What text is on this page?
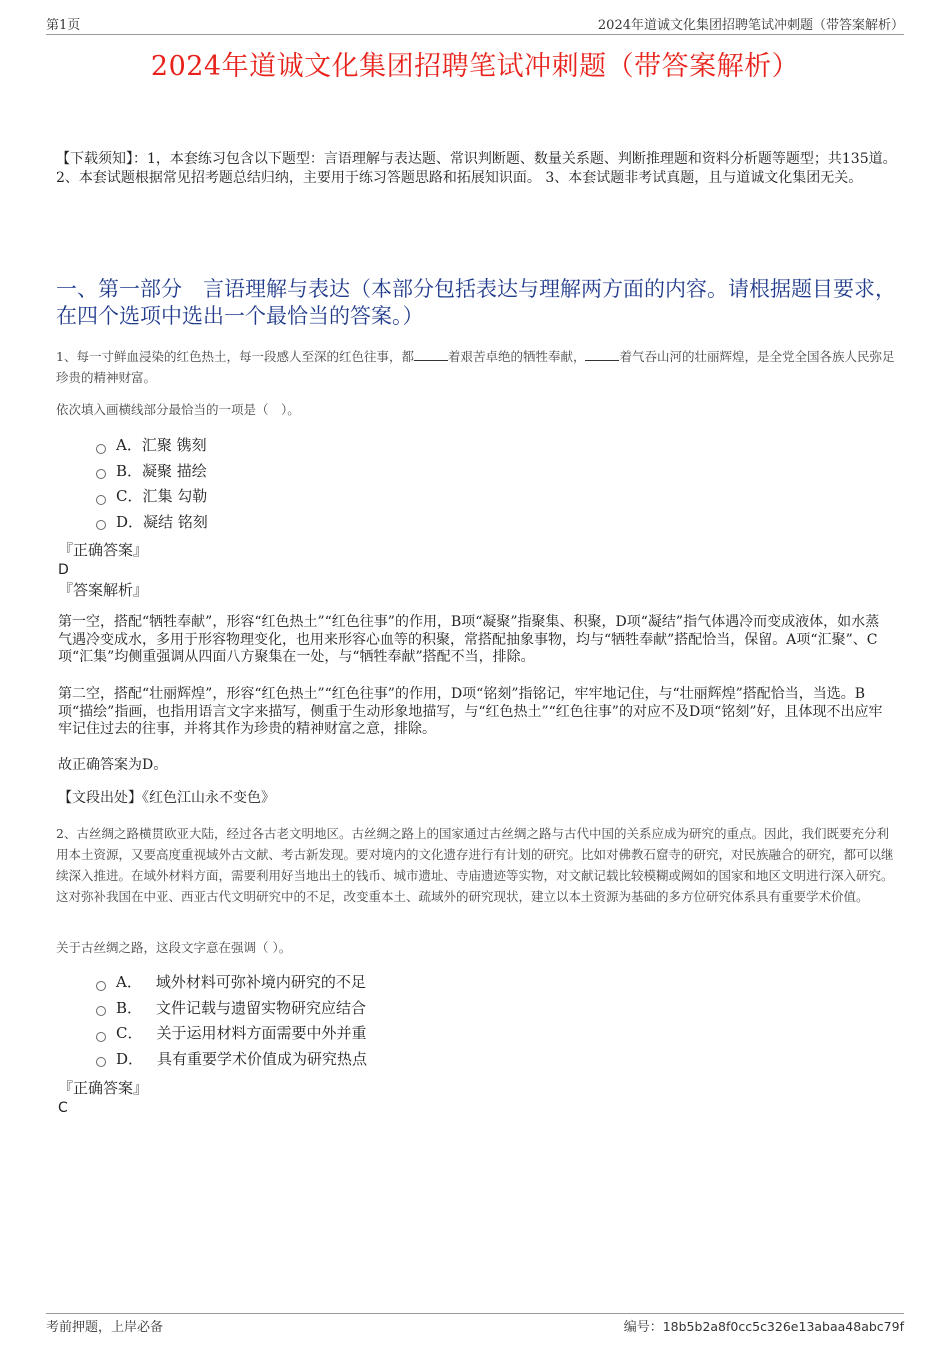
第1页	2024年道诚文化集团招聘笔试冲刺题（带答案解析）
2024年道诚文化集团招聘笔试冲刺题（带答案解析）
【下载须知】：1，本套练习包含以下题型：言语理解与表达题、常识判断题、数量关系题、判断推理题和资料分析题等题型；共135道。 2、本套试题根据常见招考题总结归纳，主要用于练习答题思路和拓展知识面。 3、本套试题非考试真题，且与道诚文化集团无关。
一、第一部分　言语理解与表达（本部分包括表达与理解两方面的内容。请根据题目要求，在四个选项中选出一个最恰当的答案。）
1、每一寸鲜血浸染的红色热土，每一段感人至深的红色往事，都	着艰苦卓绝的牺牲奉献，	着气吞山河的壮丽辉煌，是全党全国各族人民弥足珍贵的精神财富。
依次填入画横线部分最恰当的一项是（　）。
A． 汇聚 镌刻
B． 凝聚 描绘
C． 汇集 勾勒
D． 凝结 铭刻
『正确答案』
D
『答案解析』
第一空，搭配“牺牲奉献”，形容“红色热土”“红色往事”的作用，B项“凝聚”指聚集、积聚，D项“凝结”指气体遇冷而变成液体，如水蒸气遇冷变成水，多用于形容物理变化，也用来形容心血等的积聚，常搭配抽象事物，均与“牺牲奉献”搭配恰当，保留。A项“汇聚”、C项“汇集”均侧重强调从四面八方聚集在一处，与“牺牲奉献”搭配不当，排除。
第二空，搭配“壮丽辉煌”，形容“红色热土”“红色往事”的作用，D项“铭刻”指铭记，牢牢地记住，与“壮丽辉煌”搭配恰当，当选。B项“描绘”指画，也指用语言文字来描写，侧重于生动形象地描写，与“红色热土”“红色往事”的对应不及D项“铭刻”好，且体现不出应牢牢记住过去的往事，并将其作为珍贵的精神财富之意，排除。
故正确答案为D。
【文段出处】《红色江山永不变色》
2、古丝绸之路横贯欧亚大陆，经过各古老文明地区。古丝绸之路上的国家通过古丝绸之路与古代中国的关系应成为研究的重点。因此，我们既要充分利用本土资源，又要高度重视域外古文献、考古新发现。要对境内的文化遗存进行有计划的研究。比如对佛教石窟寺的研究，对民族融合的研究，都可以继续深入推进。在域外材料方面，需要利用好当地出土的钱币、城市遗址、寺庙遗迹等实物，对文献记载比较模糊或阙如的国家和地区文明进行深入研究。这对弥补我国在中亚、西亚古代文明研究中的不足，改变重本土、疏域外的研究现状，建立以本土资源为基础的多方位研究体系具有重要学术价值。
关于古丝绸之路，这段文字意在强调（ ）。
A． 域外材料可弥补境内研究的不足
B． 文件记载与遗留实物研究应结合
C． 关于运用材料方面需要中外并重
D． 具有重要学术价值成为研究热点
『正确答案』
C
考前押题，上岸必备	编号：18b5b2a8f0cc5c326e13abaa48abc79f
